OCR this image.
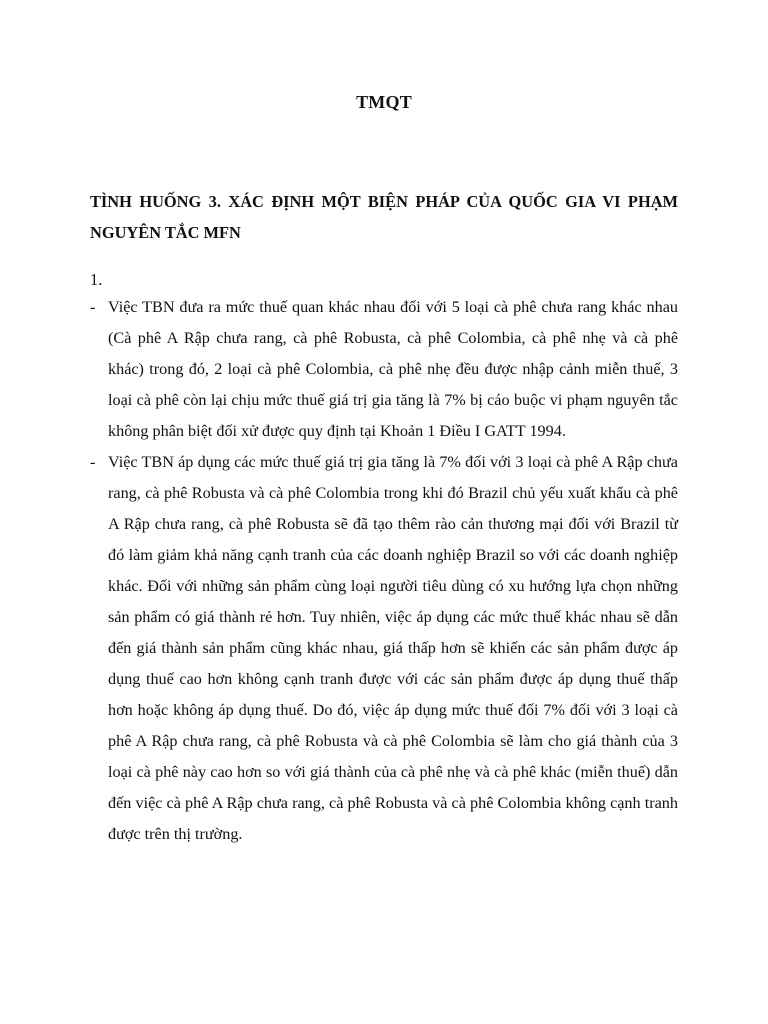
TMQT
TÌNH HUỐNG 3. XÁC ĐỊNH MỘT BIỆN PHÁP CỦA QUỐC GIA VI PHẠM NGUYÊN TẮC MFN
1.
- Việc TBN đưa ra mức thuế quan khác nhau đối với 5 loại cà phê chưa rang khác nhau (Cà phê A Rập chưa rang, cà phê Robusta, cà phê Colombia, cà phê nhẹ và cà phê khác) trong đó, 2 loại cà phê Colombia, cà phê nhẹ đều được nhập cảnh miễn thuế, 3 loại cà phê còn lại chịu mức thuế giá trị gia tăng là 7% bị cáo buộc vi phạm nguyên tắc không phân biệt đối xử được quy định tại Khoản 1 Điều I GATT 1994.
- Việc TBN áp dụng các mức thuế giá trị gia tăng là 7% đối với 3 loại cà phê A Rập chưa rang, cà phê Robusta và cà phê Colombia trong khi đó Brazil chủ yếu xuất khẩu cà phê A Rập chưa rang, cà phê Robusta sẽ đã tạo thêm rào cản thương mại đối với Brazil từ đó làm giảm khả năng cạnh tranh của các doanh nghiệp Brazil so với các doanh nghiệp khác. Đối với những sản phẩm cùng loại người tiêu dùng có xu hướng lựa chọn những sản phẩm có giá thành rẻ hơn. Tuy nhiên, việc áp dụng các mức thuế khác nhau sẽ dẫn đến giá thành sản phẩm cũng khác nhau, giá thấp hơn sẽ khiến các sản phẩm được áp dụng thuế cao hơn không cạnh tranh được với các sản phẩm được áp dụng thuế thấp hơn hoặc không áp dụng thuế. Do đó, việc áp dụng mức thuế đối 7% đối với 3 loại cà phê A Rập chưa rang, cà phê Robusta và cà phê Colombia sẽ làm cho giá thành của 3 loại cà phê này cao hơn so với giá thành của cà phê nhẹ và cà phê khác (miễn thuế) dẫn đến việc cà phê A Rập chưa rang, cà phê Robusta và cà phê Colombia không cạnh tranh được trên thị trường.
